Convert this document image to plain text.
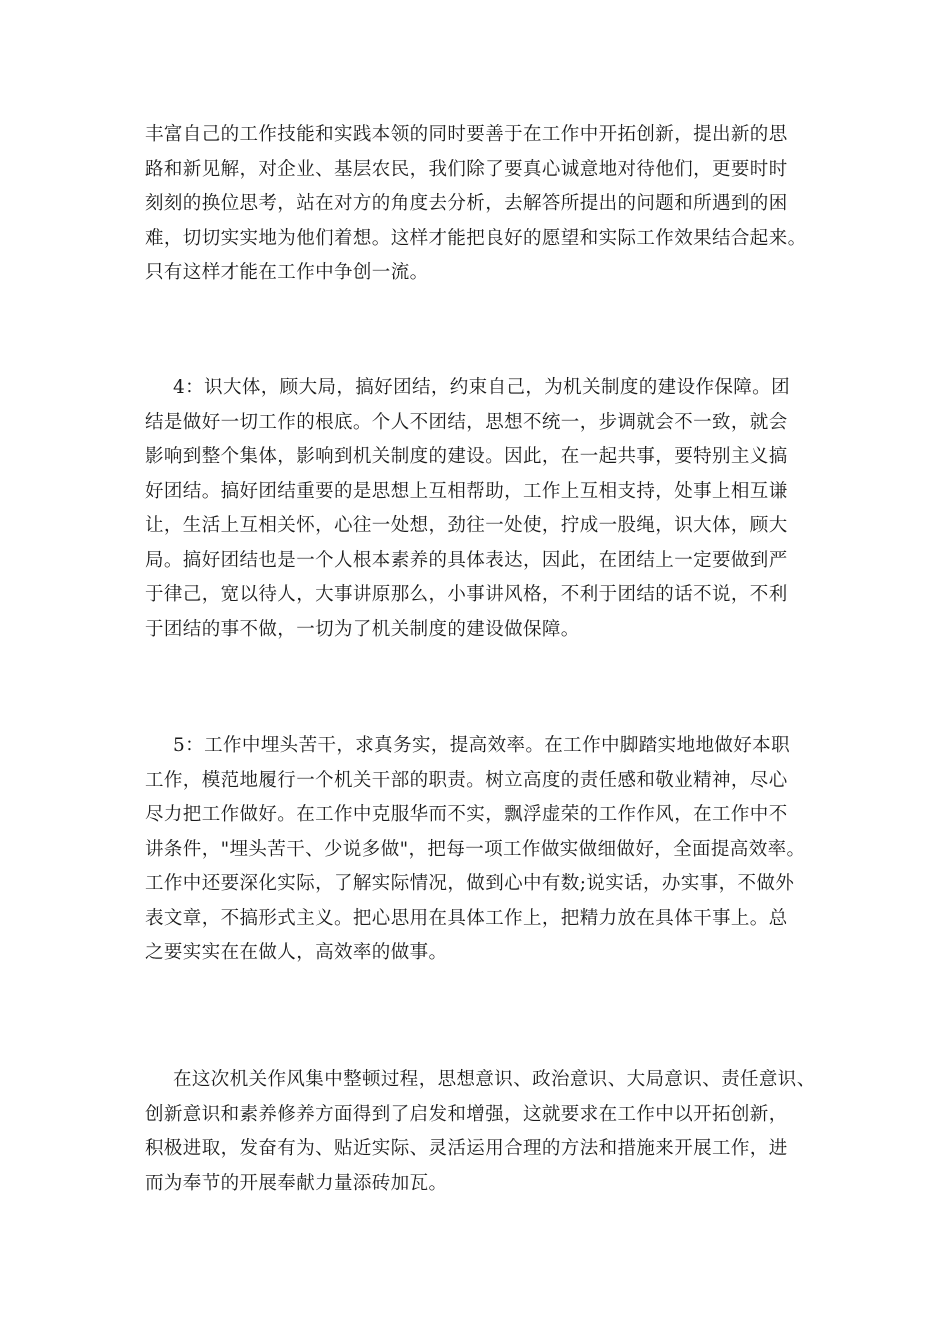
丰富自己的工作技能和实践本领的同时要善于在工作中开拓创新，提出新的思
路和新见解，对企业、基层农民，我们除了要真心诚意地对待他们，更要时时
刻刻的换位思考，站在对方的角度去分析，去解答所提出的问题和所遇到的困
难，切切实实地为他们着想。这样才能把良好的愿望和实际工作效果结合起来。
只有这样才能在工作中争创一流。
4：识大体，顾大局，搞好团结，约束自己，为机关制度的建设作保障。团
结是做好一切工作的根底。个人不团结，思想不统一，步调就会不一致，就会
影响到整个集体，影响到机关制度的建设。因此，在一起共事，要特别主义搞
好团结。搞好团结重要的是思想上互相帮助，工作上互相支持，处事上相互谦
让，生活上互相关怀，心往一处想，劲往一处使，拧成一股绳，识大体，顾大
局。搞好团结也是一个人根本素养的具体表达，因此，在团结上一定要做到严
于律己，宽以待人，大事讲原那么，小事讲风格，不利于团结的话不说，不利
于团结的事不做，一切为了机关制度的建设做保障。
5：工作中埋头苦干，求真务实，提高效率。在工作中脚踏实地地做好本职
工作，模范地履行一个机关干部的职责。树立高度的责任感和敬业精神，尽心
尽力把工作做好。在工作中克服华而不实，飘浮虚荣的工作作风，在工作中不
讲条件，"埋头苦干、少说多做"，把每一项工作做实做细做好，全面提高效率。
工作中还要深化实际，了解实际情况，做到心中有数;说实话，办实事，不做外
表文章，不搞形式主义。把心思用在具体工作上，把精力放在具体干事上。总
之要实实在在做人，高效率的做事。
在这次机关作风集中整顿过程，思想意识、政治意识、大局意识、责任意识、
创新意识和素养修养方面得到了启发和增强，这就要求在工作中以开拓创新，
积极进取，发奋有为、贴近实际、灵活运用合理的方法和措施来开展工作，进
而为奉节的开展奉献力量添砖加瓦。
